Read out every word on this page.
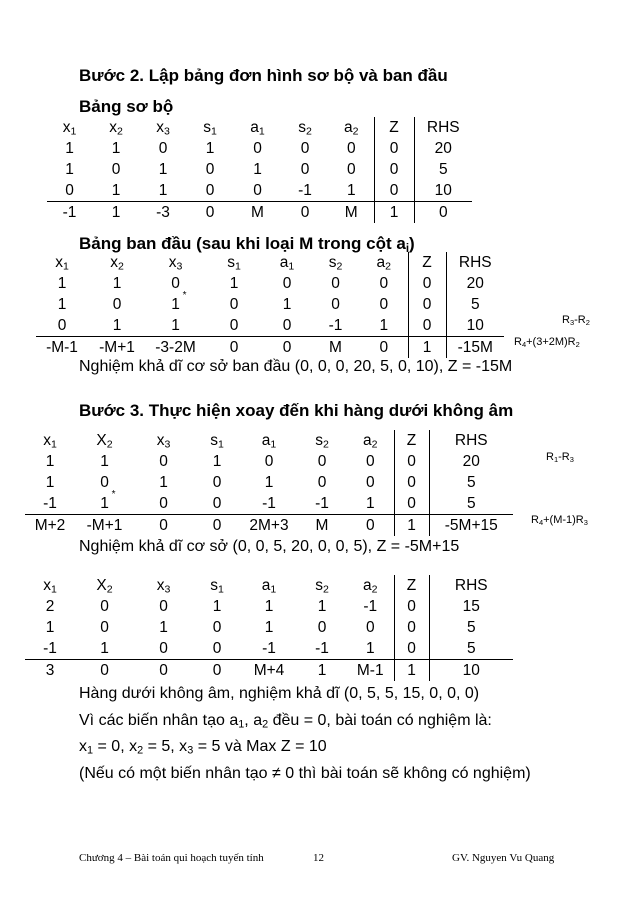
Bước 2. Lập bảng đơn hình sơ bộ và ban đầu
Bảng sơ bộ
$x_1$	$x_2$	$x_3$	$s_1$	$a_1$	$s_2$	$a_2$	Z	RHS
1	1	0	1	0	0	0	0	20
1	0	1	0	1	0	0	0	5
0	1	1	0	0	-1	1	0	10
-1	1	-3	0	M	0	M	1	0
Bảng ban đầu (sau khi loại M trong cột $a_i$)
$x_1$	$x_2$	$x_3$	$s_1$	$a_1$	$s_2$	$a_2$	Z	RHS
1	1	0	1	0	0	0	0	20
1	0	1 *	0	1	0	0	0	5
0	1	1	0	0	-1	1	0	10
-M-1	-M+1	-3-2M	0	0	M	0	1	-15M
$R_3-R_2$
$R_4+(3+2M)R_2$
Nghiệm khả dĩ cơ sở ban đầu (0, 0, 0, 20, 5, 0, 10), Z = -15M
Bước 3. Thực hiện xoay đến khi hàng dưới không âm
$x_1$	$X_2$	$x_3$	$s_1$	$a_1$	$s_2$	$a_2$	Z	RHS
1	1	0	1	0	0	0	0	20
1	0	1	0	1	0	0	0	5
-1	1 *	0	0	-1	-1	1	0	5
M+2	-M+1	0	0	2M+3	M	0	1	-5M+15
$R_1-R_3$
$R_4+(M-1)R_3$
Nghiệm khả dĩ cơ sở (0, 0, 5, 20, 0, 0, 5), Z = -5M+15
$x_1$	$X_2$	$x_3$	$s_1$	$a_1$	$s_2$	$a_2$	Z	RHS
2	0	0	1	1	1	-1	0	15
1	0	1	0	1	0	0	0	5
-1	1	0	0	-1	-1	1	0	5
3	0	0	0	M+4	1	M-1	1	10
Hàng dưới không âm, nghiệm khả dĩ (0, 5, 5, 15, 0, 0, 0)
Vì các biến nhân tạo $a_1$, $a_2$ đều = 0, bài toán có nghiệm là:
$x_1 = 0$, $x_2 = 5$, $x_3 = 5$ và Max Z = 10
(Nếu có một biến nhân tạo ≠ 0 thì bài toán sẽ không có nghiệm)
Chương 4 – Bài toán qui hoạch tuyến tính	12	GV. Nguyen Vu Quang
